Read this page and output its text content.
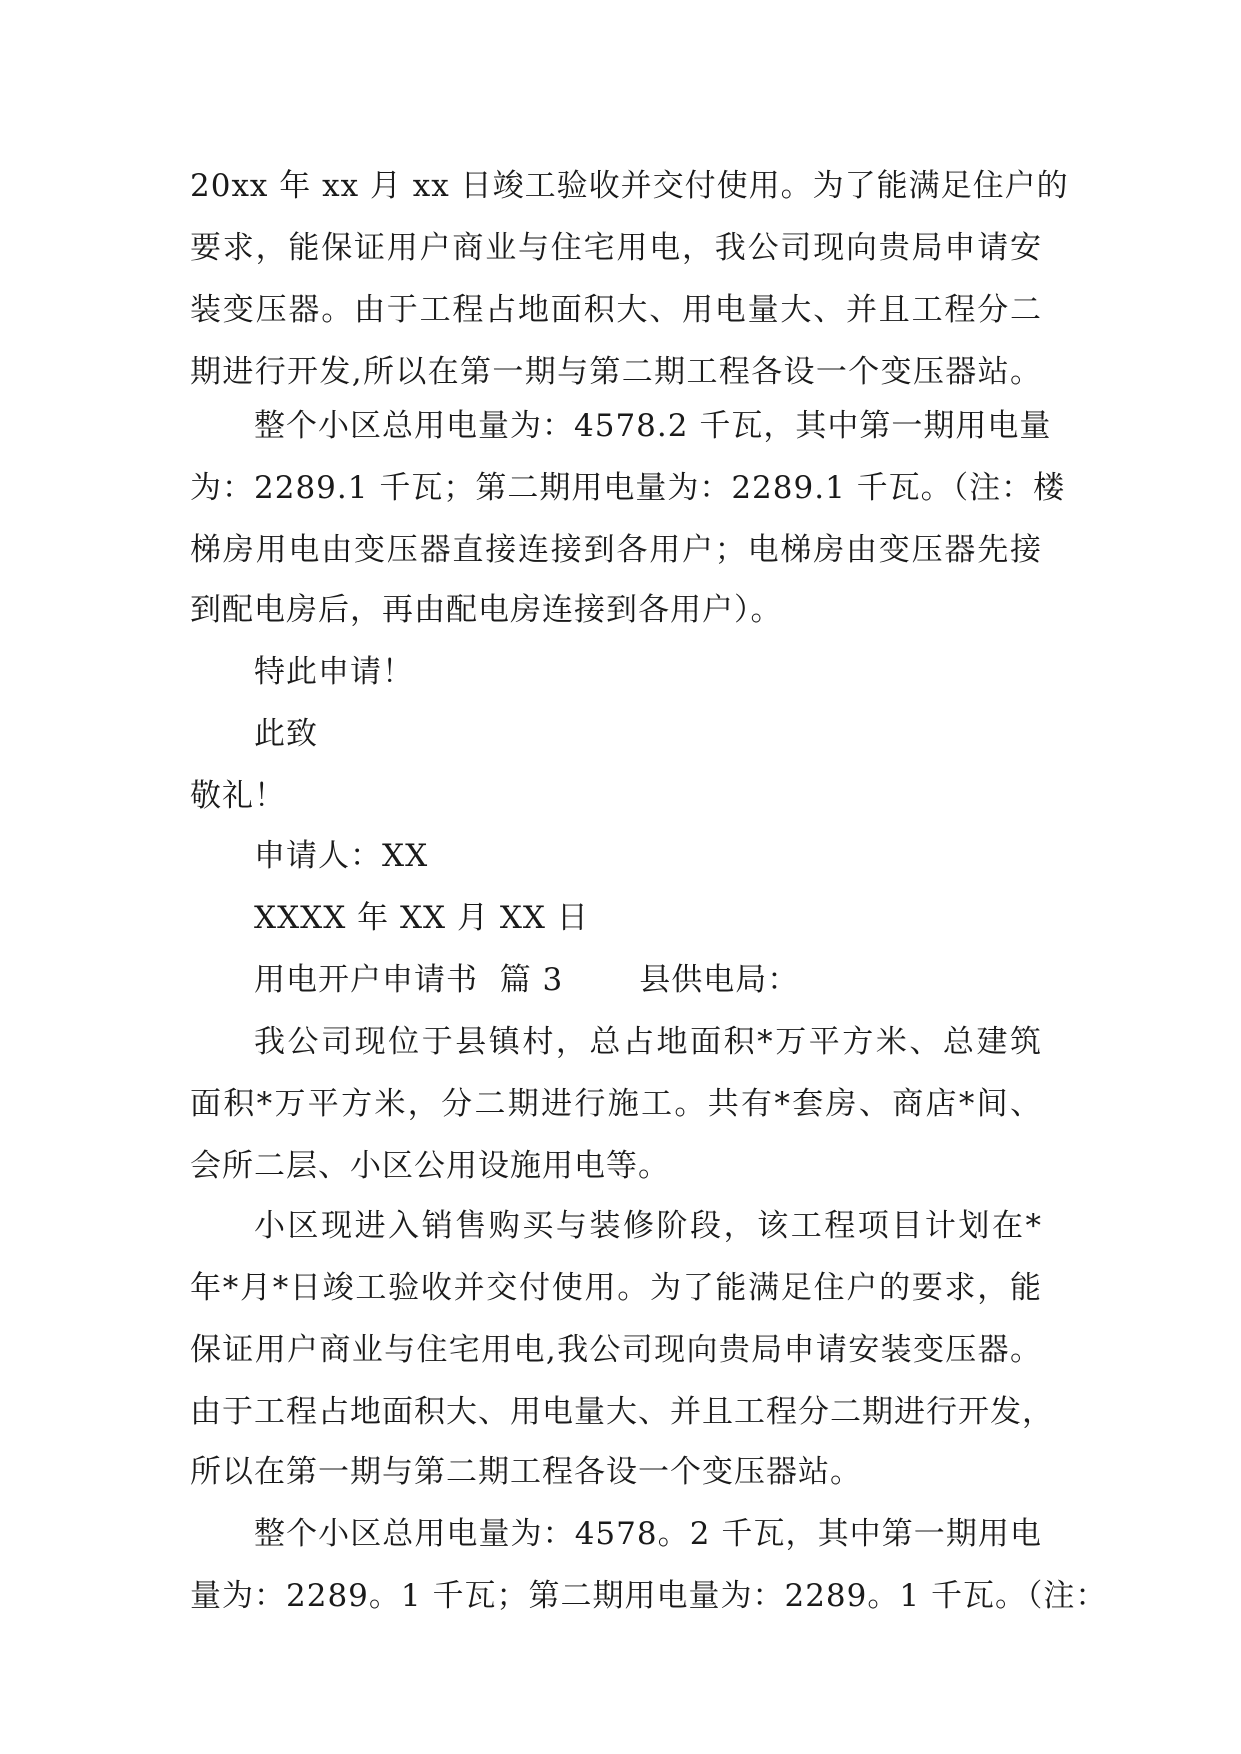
20xx 年 xx 月 xx 日竣工验收并交付使用。为了能满足住户的
要求，能保证用户商业与住宅用电，我公司现向贵局申请安
装变压器。由于工程占地面积大、用电量大、并且工程分二
期进行开发,所以在第一期与第二期工程各设一个变压器站。
整个小区总用电量为：4578.2 千瓦，其中第一期用电量
为：2289.1 千瓦；第二期用电量为：2289.1 千瓦。（注：楼
梯房用电由变压器直接连接到各用户；电梯房由变压器先接
到配电房后，再由配电房连接到各用户）。
特此申请！
此致
敬礼！
申请人：XX
XXXX 年 XX 月 XX 日
用电开户申请书  篇 3       县供电局：
我公司现位于县镇村，总占地面积*万平方米、总建筑
面积*万平方米，分二期进行施工。共有*套房、商店*间、
会所二层、小区公用设施用电等。
小区现进入销售购买与装修阶段，该工程项目计划在*
年*月*日竣工验收并交付使用。为了能满足住户的要求，能
保证用户商业与住宅用电,我公司现向贵局申请安装变压器。
由于工程占地面积大、用电量大、并且工程分二期进行开发，
所以在第一期与第二期工程各设一个变压器站。
整个小区总用电量为：4578。2 千瓦，其中第一期用电
量为：2289。1 千瓦；第二期用电量为：2289。1 千瓦。（注：
